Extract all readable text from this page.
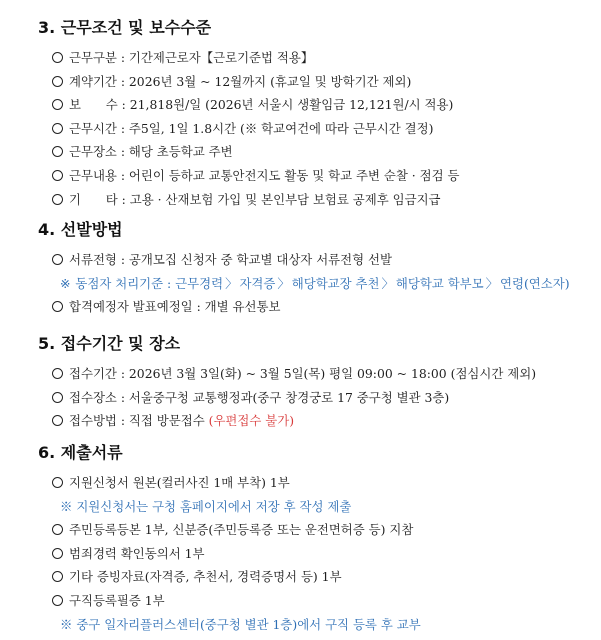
3. 근무조건 및 보수수준
근무구분 : 기간제근로자【근로기준법 적용】
계약기간 : 2026년 3월 ~ 12월까지 (휴교일 및 방학기간 제외)
보　　수 : 21,818원/일 (2026년 서울시 생활임금 12,121원/시 적용)
근무시간 : 주5일, 1일 1.8시간 (※ 학교여건에 따라 근무시간 결정)
근무장소 : 해당 초등학교 주변
근무내용 : 어린이 등하교 교통안전지도 활동 및 학교 주변 순찰 · 점검 등
기　　타 : 고용 · 산재보험 가입 및 본인부담 보험료 공제후 임금지급
4. 선발방법
서류전형 : 공개모집 신청자 중 학교별 대상자 서류전형 선발
※ 동점자 처리기준 : 근무경력 〉 자격증 〉 해당학교장 추천 〉 해당학교 학부모 〉 연령(연소자)
합격예정자 발표예정일 : 개별 유선통보
5. 접수기간 및 장소
접수기간 : 2026년 3월 3일(화) ~ 3월 5일(목) 평일 09:00 ~ 18:00 (점심시간 제외)
접수장소 : 서울중구청 교통행정과(중구 창경궁로 17 중구청 별관 3층)
접수방법 : 직접 방문접수 (우편접수 불가)
6. 제출서류
지원신청서 원본(컬러사진 1매 부착) 1부
※ 지원신청서는 구청 홈페이지에서 저장 후 작성 제출
주민등록등본 1부, 신분증(주민등록증 또는 운전면허증 등) 지참
범죄경력 확인동의서 1부
기타 증빙자료(자격증, 추천서, 경력증명서 등) 1부
구직등록필증 1부
※ 중구 일자리플러스센터(중구청 별관 1층)에서 구직 등록 후 교부
